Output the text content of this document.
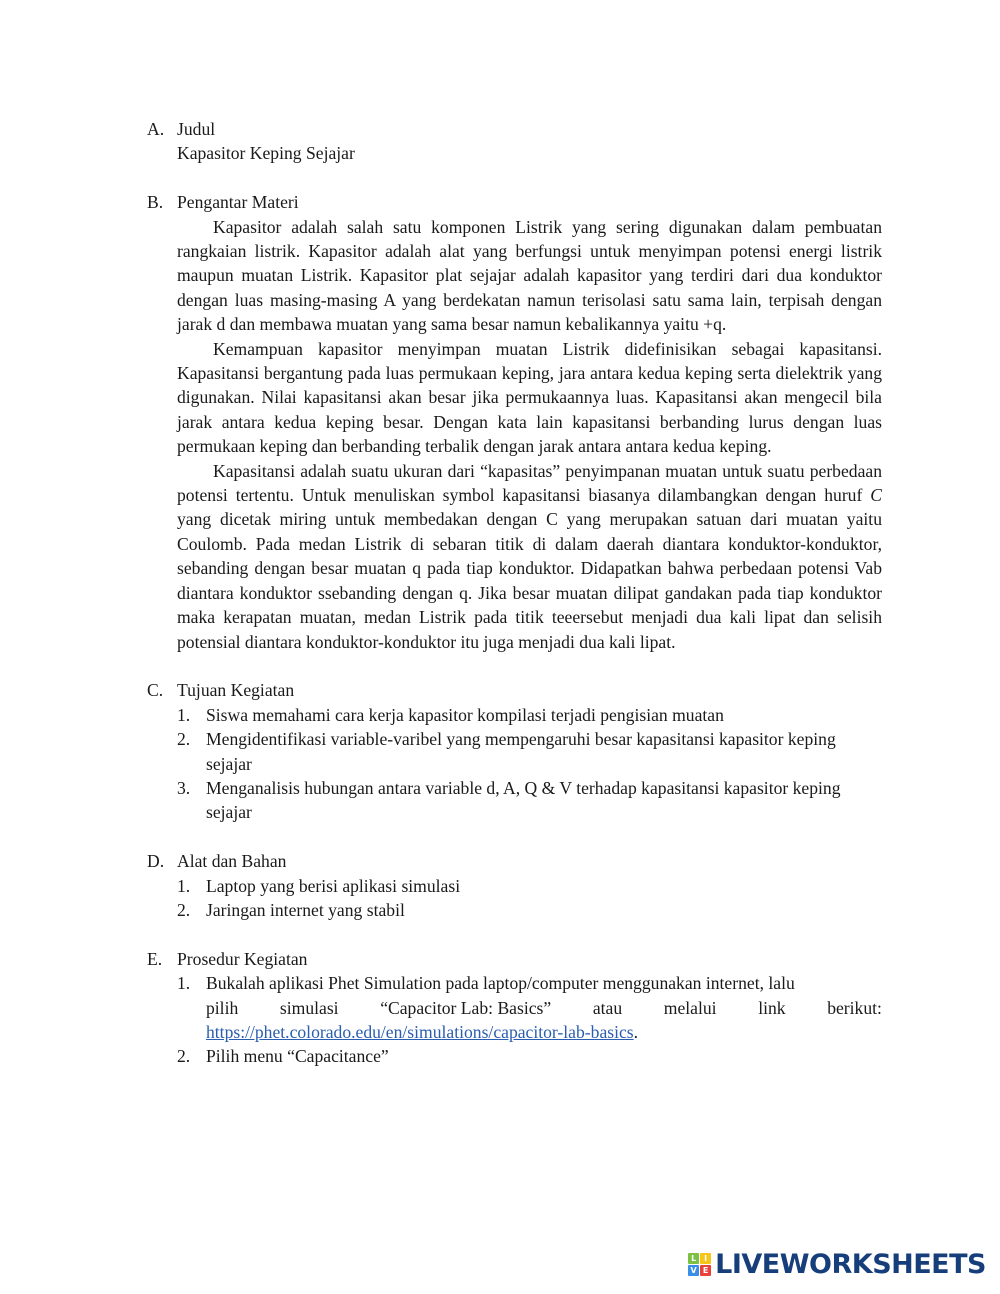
A. Judul

Kapasitor Keping Sejajar

B. Pengantar Materi

Kapasitor adalah salah satu komponen Listrik yang sering digunakan dalam pembuatan rangkaian listrik. Kapasitor adalah alat yang berfungsi untuk menyimpan potensi energi listrik maupun muatan Listrik. Kapasitor plat sejajar adalah kapasitor yang terdiri dari dua konduktor dengan luas masing-masing A yang berdekatan namun terisolasi satu sama lain, terpisah dengan jarak d dan membawa muatan yang sama besar namun kebalikannya yaitu +q.

Kemampuan kapasitor menyimpan muatan Listrik didefinisikan sebagai kapasitansi. Kapasitansi bergantung pada luas permukaan keping, jara antara kedua keping serta dielektrik yang digunakan. Nilai kapasitansi akan besar jika permukaannya luas. Kapasitansi akan mengecil bila jarak antara kedua keping besar. Dengan kata lain kapasitansi berbanding lurus dengan luas permukaan keping dan berbanding terbalik dengan jarak antara antara kedua keping.

Kapasitansi adalah suatu ukuran dari “kapasitas” penyimpanan muatan untuk suatu perbedaan potensi tertentu. Untuk menuliskan symbol kapasitansi biasanya dilambangkan dengan huruf C yang dicetak miring untuk membedakan dengan C yang merupakan satuan dari muatan yaitu Coulomb. Pada medan Listrik di sebaran titik di dalam daerah diantara konduktor-konduktor, sebanding dengan besar muatan q pada tiap konduktor. Didapatkan bahwa perbedaan potensi Vab diantara konduktor ssebanding dengan q. Jika besar muatan dilipat gandakan pada tiap konduktor maka kerapatan muatan, medan Listrik pada titik teeersebut menjadi dua kali lipat dan selisih potensial diantara konduktor-konduktor itu juga menjadi dua kali lipat.

C. Tujuan Kegiatan
1. Siswa memahami cara kerja kapasitor kompilasi terjadi pengisian muatan
2. Mengidentifikasi variable-varibel yang mempengaruhi besar kapasitansi kapasitor keping sejajar
3. Menganalisis hubungan antara variable d, A, Q & V terhadap kapasitansi kapasitor keping sejajar
D. Alat dan Bahan
1. Laptop yang berisi aplikasi simulasi
2. Jaringan internet yang stabil
E. Prosedur Kegiatan
1. Bukalah aplikasi Phet Simulation pada laptop/computer menggunakan internet, lalu
pilih simulasi “Capacitor Lab: Basics” atau melalui link berikut:
https://phet.colorado.edu/en/simulations/capacitor-lab-basics.
2. Pilih menu “Capacitance”
L I
V E LIVEWORKSHEETS
